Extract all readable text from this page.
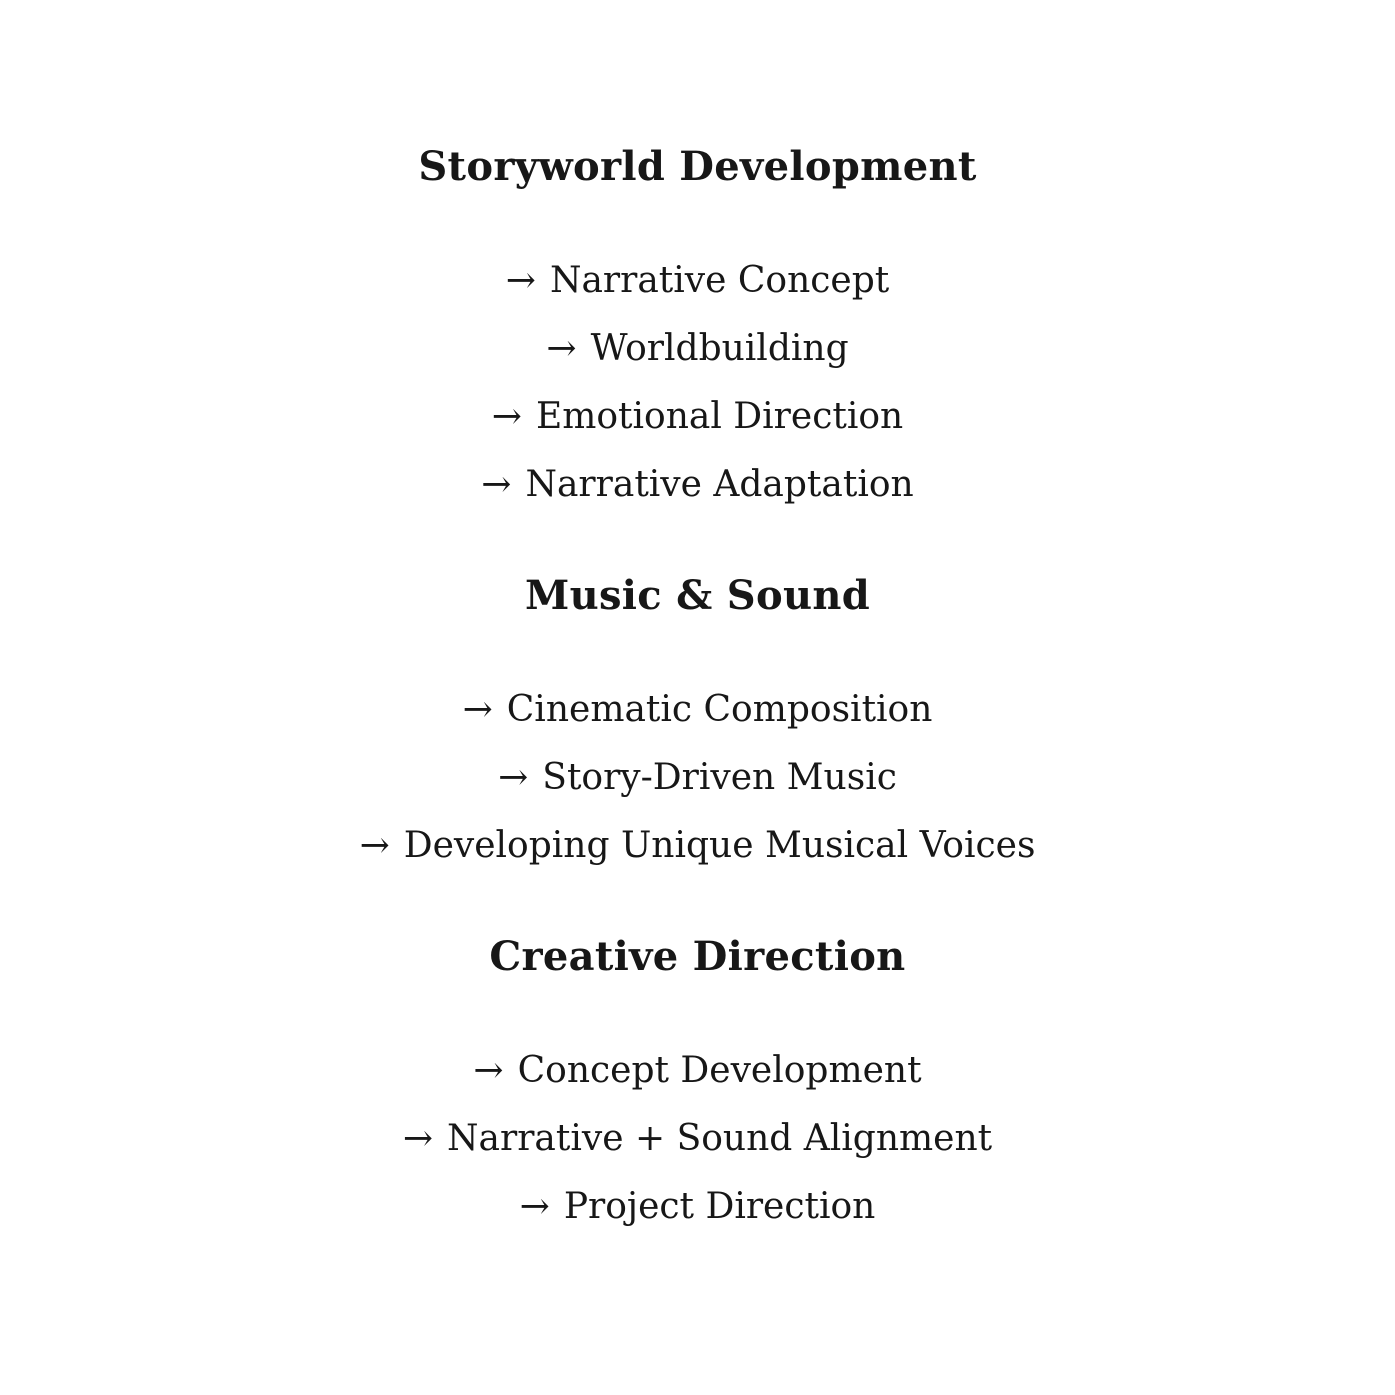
Storyworld Development
→ Narrative Concept
→ Worldbuilding
→ Emotional Direction
→ Narrative Adaptation
Music & Sound
→ Cinematic Composition
→ Story-Driven Music
→ Developing Unique Musical Voices
Creative Direction
→ Concept Development
→ Narrative + Sound Alignment
→ Project Direction
